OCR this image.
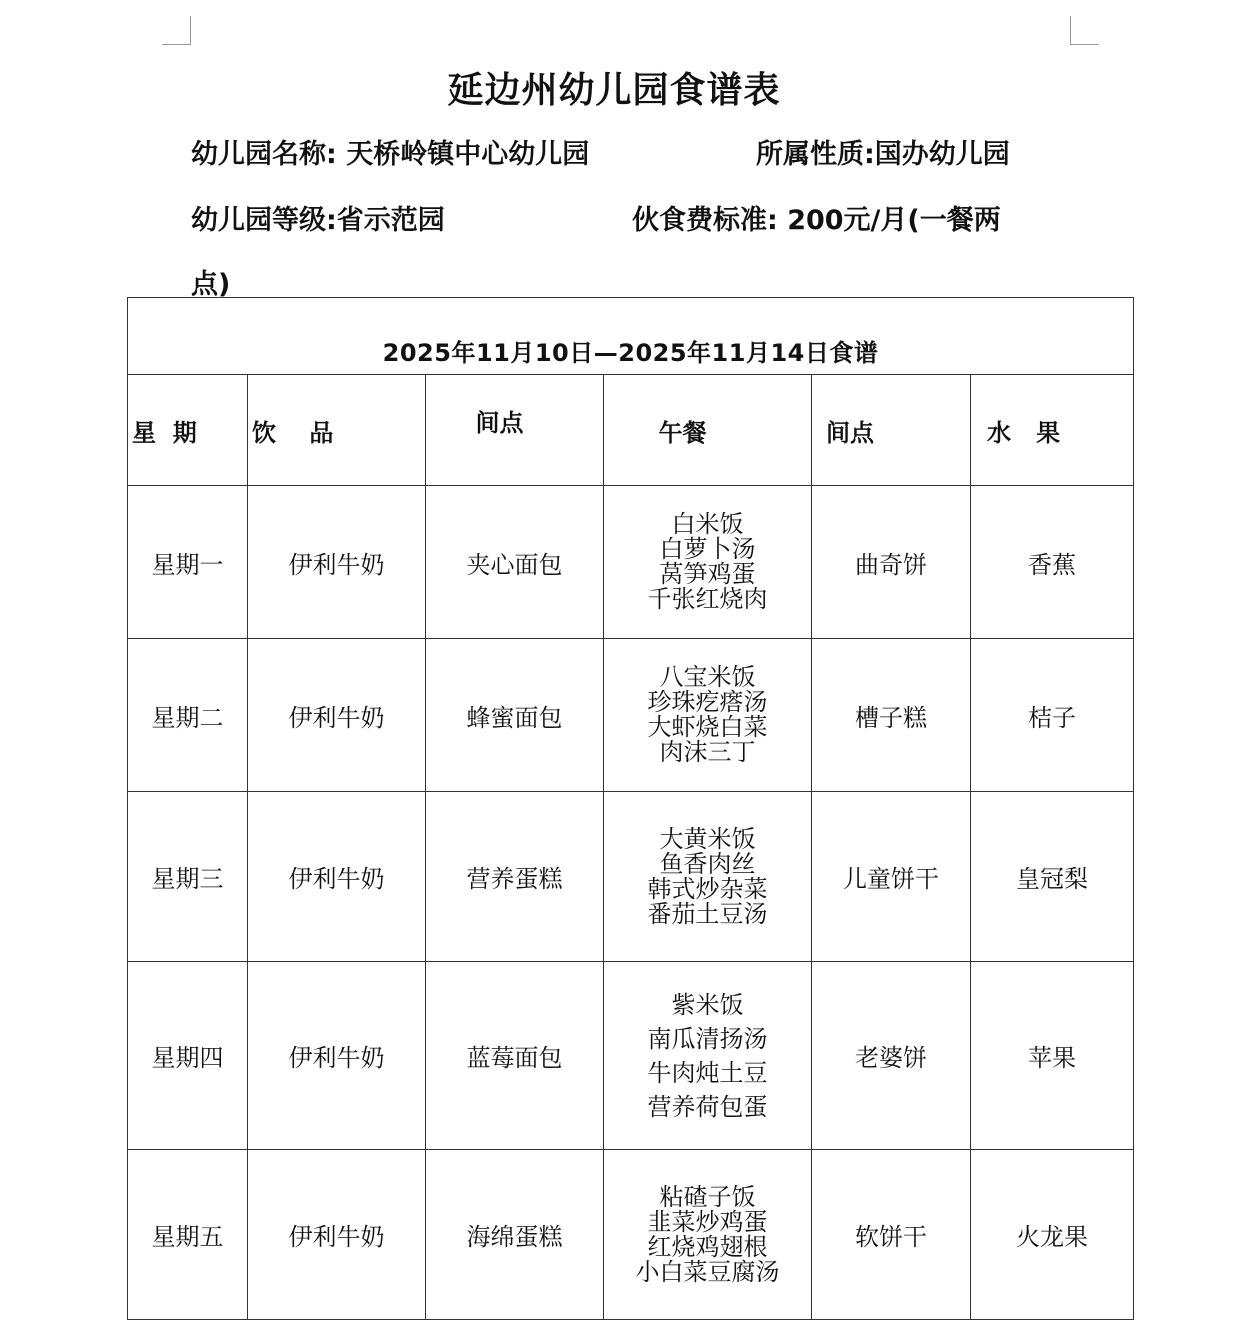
延边州幼儿园食谱表
幼儿园名称: 天桥岭镇中心幼儿园	所属性质:国办幼儿园
幼儿园等级:省示范园	伙食费标准: 200元/月(一餐两
点)
2025年11月10日—2025年11月14日食谱					
星  期	饮    品	间点	午餐	间点	水   果
星期一	伊利牛奶	夹心面包	白米饭
白萝卜汤
莴笋鸡蛋
千张红烧肉	曲奇饼	香蕉
星期二	伊利牛奶	蜂蜜面包	八宝米饭
珍珠疙瘩汤
大虾烧白菜
肉沫三丁	槽子糕	桔子
星期三	伊利牛奶	营养蛋糕	大黄米饭
鱼香肉丝
韩式炒杂菜
番茄土豆汤	儿童饼干	皇冠梨
星期四	伊利牛奶	蓝莓面包	紫米饭
南瓜清扬汤
牛肉炖土豆
营养荷包蛋	老婆饼	苹果
星期五	伊利牛奶	海绵蛋糕	粘碴子饭
韭菜炒鸡蛋
红烧鸡翅根
小白菜豆腐汤	软饼干	火龙果
